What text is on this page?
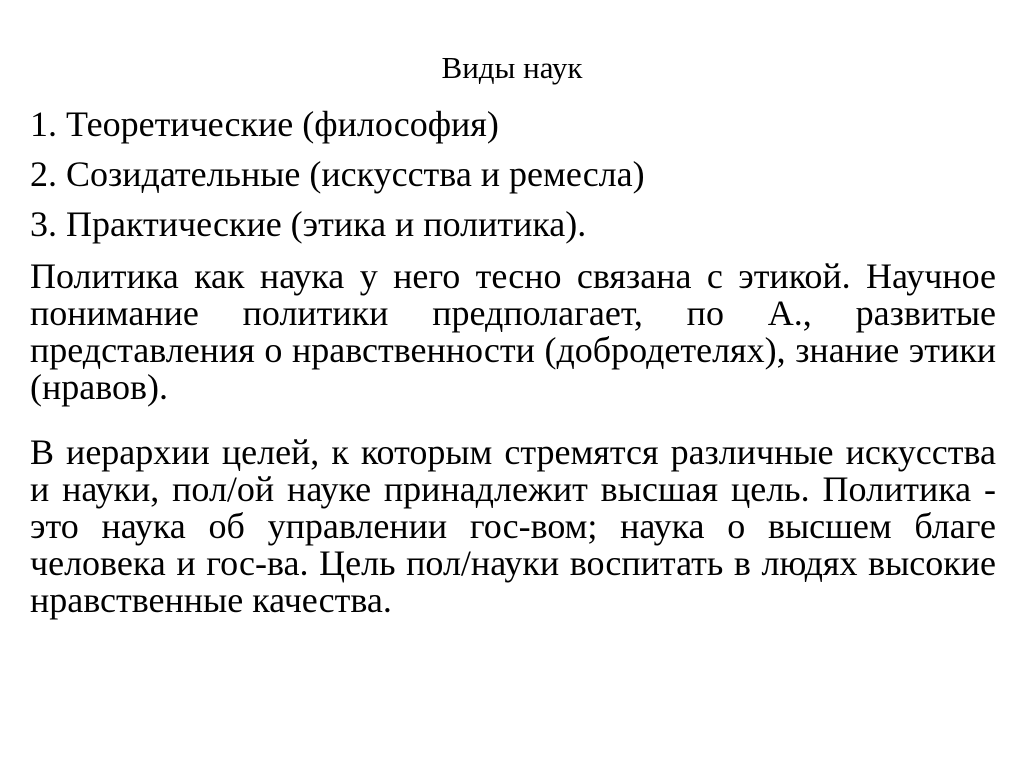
Виды наук
1. Теоретические (философия)
2. Созидательные (искусства и ремесла)
3. Практические (этика и политика).
Политика как наука у него тесно связана с этикой. Научное понимание политики предполагает, по А., развитые представления о нравственности (добродетелях), знание этики (нравов).
В иерархии целей, к которым стремятся различные искусства и науки, пол/ой науке принадлежит высшая цель. Политика - это наука об управлении гос-вом; наука о высшем благе человека и гос-ва. Цель пол/науки воспитать в людях высокие нравственные качества.
